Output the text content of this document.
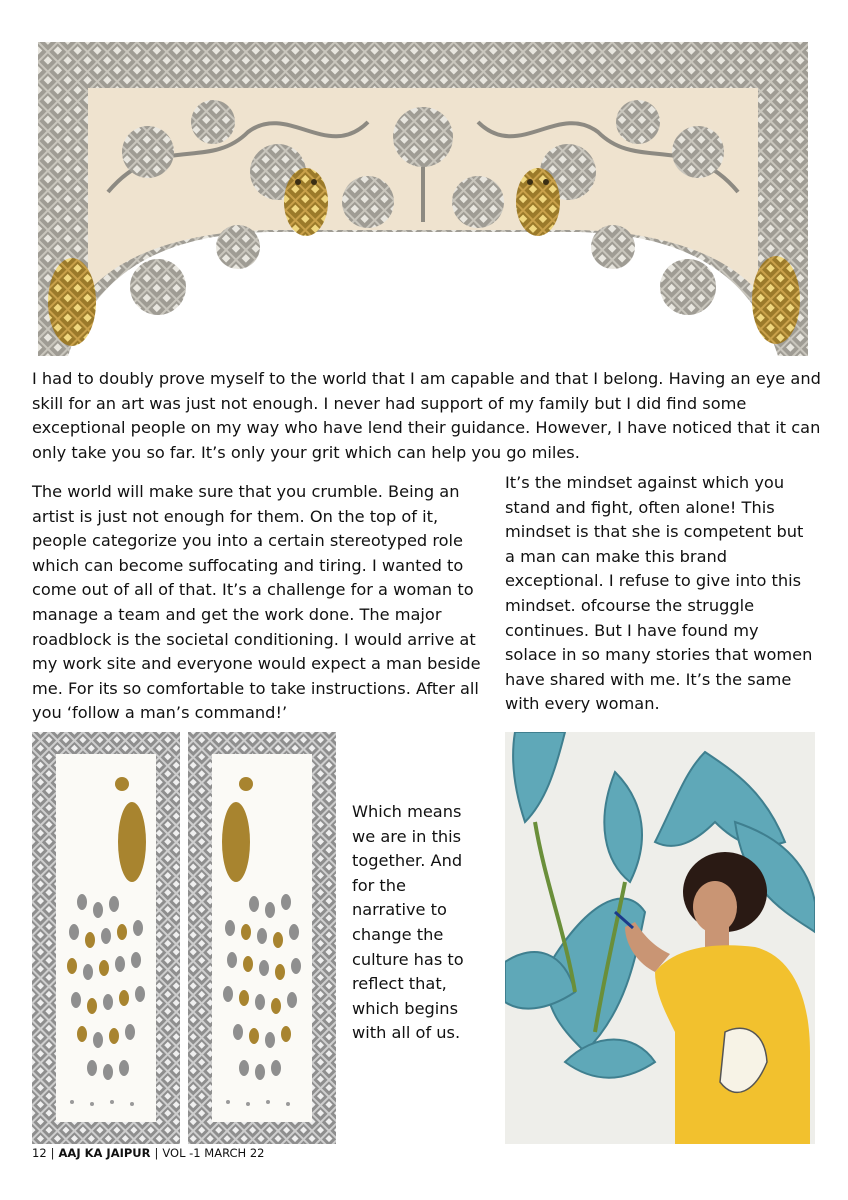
I had to doubly prove myself to the world that I am capable and that I belong. Having an eye and skill for an art was just not enough. I never had support of my family but I did find some exceptional people on my way who have lend their guidance. However, I have noticed that it can only take you so far. It’s only your grit which can help you go miles.
The world will make sure that you crumble. Being an artist is just not enough for them. On the top of it, people categorize you into a certain stereotyped role which can become suffocating and tiring. I wanted to come out of all of that. It’s a challenge for a woman to manage a team and get the work done. The major roadblock is the societal conditioning. I would arrive at my work site and everyone would expect a man beside me. For its so comfortable to take instructions. After all you ‘follow a man’s command!’
It’s the mindset against which you stand and fight, often alone! This mindset is that she is competent but a man can make this brand exceptional. I refuse to give into this mindset. ofcourse the struggle continues. But I have found my solace in so many stories that women have shared with me. It’s the same with every woman.
Which means we are in this together. And for the narrative to change the culture has to reflect that, which begins with all of us.
12 | AAJ KA JAIPUR | VOL -1 MARCH 22
